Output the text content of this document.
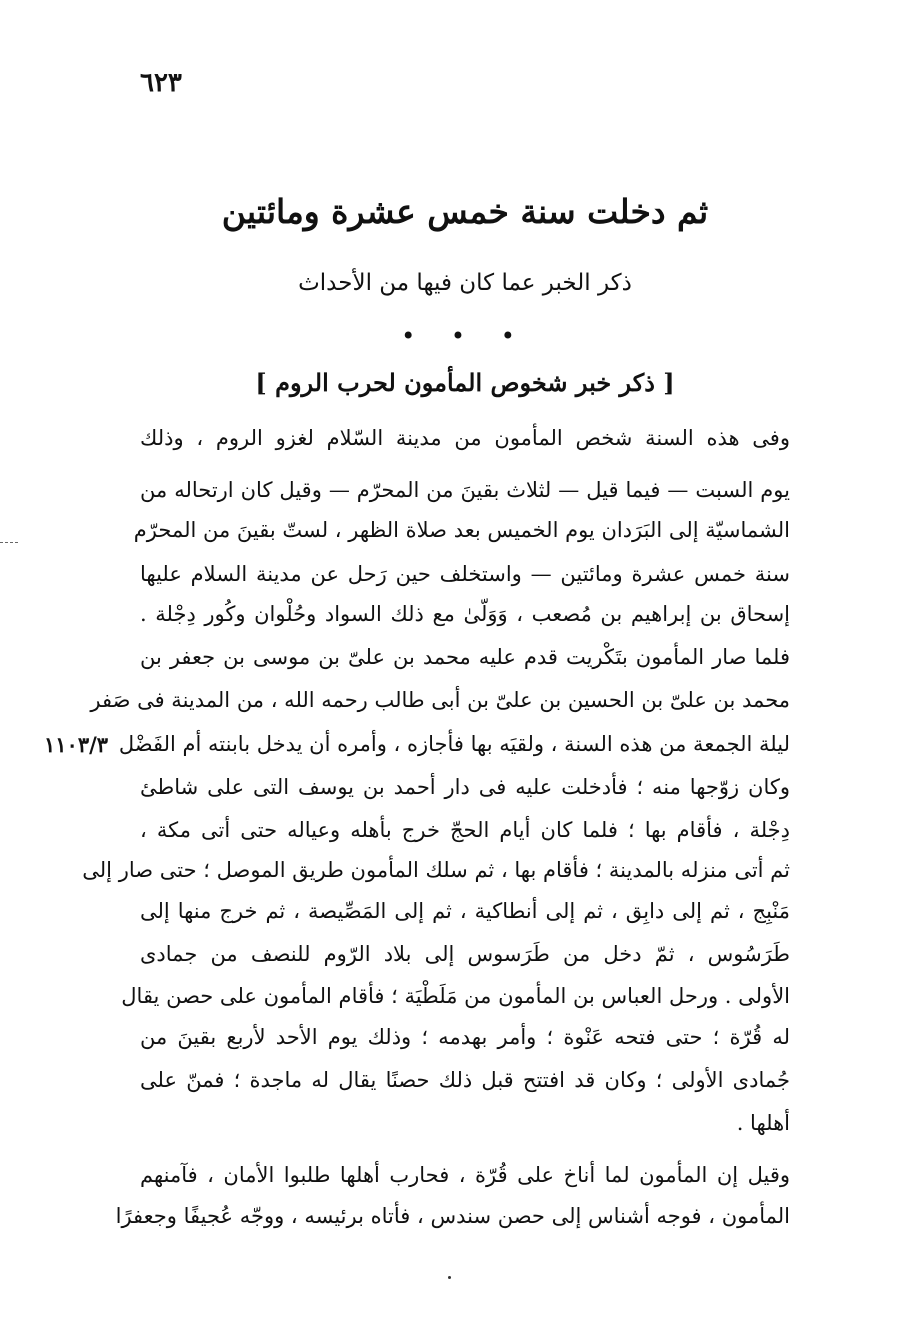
٦٢٣
ثم دخلت سنة خمس عشرة ومائتين
ذكر الخبر عما كان فيها من الأحداث
• • •
[ ذكر خبر شخوص المأمون لحرب الروم ]
١١٠٣/٣
وفى هذه السنة شخص المأمون من مدينة السّلام لغزو الروم ، وذلك
يوم السبت — فيما قيل — لثلاث بقينَ من المحرّم — وقيل كان ارتحاله من
الشماسيّة إلى البَرَدان يوم الخميس بعد صلاة الظهر ، لستّ بقينَ من المحرّم
سنة خمس عشرة ومائتين — واستخلف حين رَحل عن مدينة السلام عليها
إسحاق بن إبراهيم بن مُصعب ، وَوَلّىٰ مع ذلك السواد وحُلْوان وكُور دِجْلة .
فلما صار المأمون بتَكْريت قدم عليه محمد بن علىّ بن موسى بن جعفر بن
محمد بن علىّ بن الحسين بن علىّ بن أبى طالب رحمه الله ، من المدينة فى صَفر
ليلة الجمعة من هذه السنة ، ولقيَه بها فأجازه ، وأمره أن يدخل بابنته أم الفَضْل
وكان زوّجها منه ؛ فأدخلت عليه فى دار أحمد بن يوسف التى على شاطئ
دِجْلة ، فأقام بها ؛ فلما كان أيام الحجّ خرج بأهله وعياله حتى أتى مكة ،
ثم أتى منزله بالمدينة ؛ فأقام بها ، ثم سلك المأمون طريق الموصل ؛ حتى صار إلى
مَنْبِج ، ثم إلى دابِق ، ثم إلى أنطاكية ، ثم إلى المَصِّيصة ، ثم خرج منها إلى
طَرَسُوس ، ثمّ دخل من طَرَسوس إلى بلاد الرّوم للنصف من جمادى
الأولى . ورحل العباس بن المأمون من مَلَطْيَة ؛ فأقام المأمون على حصن يقال
له قُرّة ؛ حتى فتحه عَنْوة ؛ وأمر بهدمه ؛ وذلك يوم الأحد لأربع بقينَ من
جُمادى الأولى ؛ وكان قد افتتح قبل ذلك حصنًا يقال له ماجدة ؛ فمنّ على
أهلها .
وقيل إن المأمون لما أناخ على قُرّة ، فحارب أهلها طلبوا الأمان ، فآمنهم
المأمون ، فوجه أشناس إلى حصن سندس ، فأتاه برئيسه ، ووجّه عُجيفًا وجعفرًا
